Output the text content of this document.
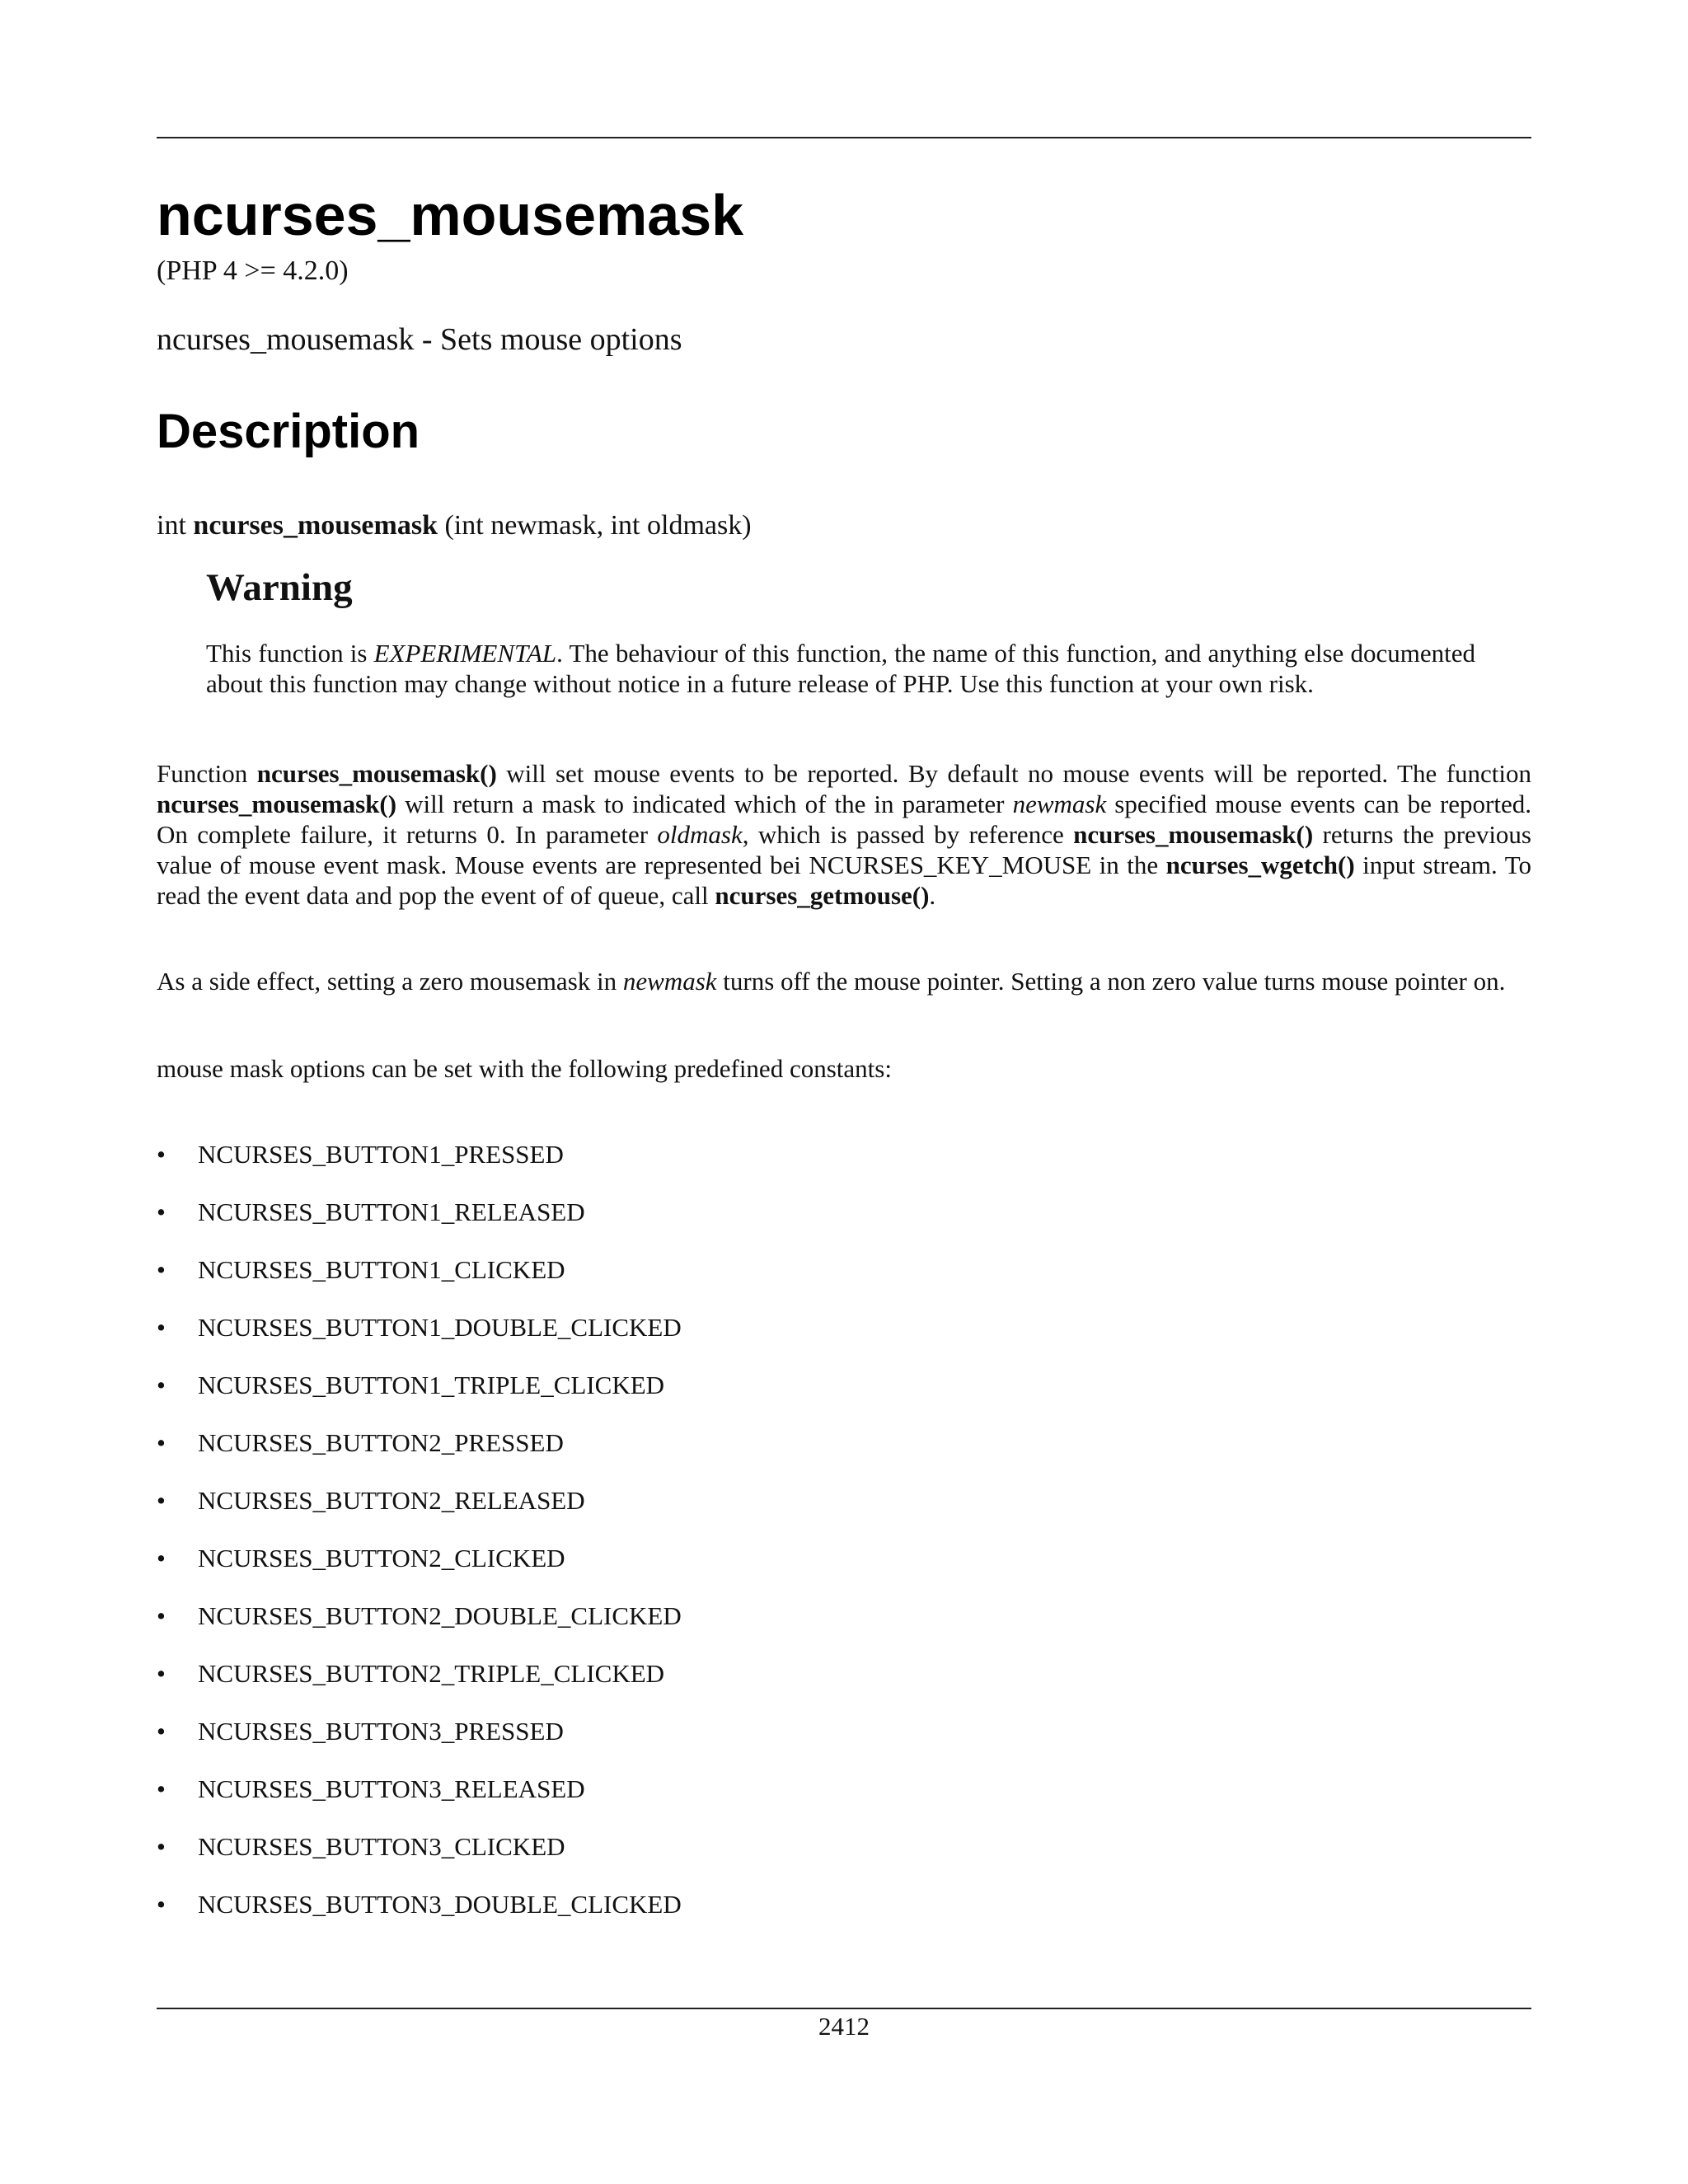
ncurses_mousemask
(PHP 4 >= 4.2.0)
ncurses_mousemask - Sets mouse options
Description
int ncurses_mousemask (int newmask, int oldmask)
Warning

This function is EXPERIMENTAL. The behaviour of this function, the name of this function, and anything else documented about this function may change without notice in a future release of PHP. Use this function at your own risk.

Function ncurses_mousemask() will set mouse events to be reported. By default no mouse events will be reported. The function ncurses_mousemask() will return a mask to indicated which of the in parameter newmask specified mouse events can be reported. On complete failure, it returns 0. In parameter oldmask, which is passed by reference ncurses_mousemask() returns the previous value of mouse event mask. Mouse events are represented bei NCURSES_KEY_MOUSE in the ncurses_wgetch() input stream. To read the event data and pop the event of of queue, call ncurses_getmouse().

As a side effect, setting a zero mousemask in newmask turns off the mouse pointer. Setting a non zero value turns mouse pointer on.

mouse mask options can be set with the following predefined constants:

• NCURSES_BUTTON1_PRESSED
• NCURSES_BUTTON1_RELEASED
• NCURSES_BUTTON1_CLICKED
• NCURSES_BUTTON1_DOUBLE_CLICKED
• NCURSES_BUTTON1_TRIPLE_CLICKED
• NCURSES_BUTTON2_PRESSED
• NCURSES_BUTTON2_RELEASED
• NCURSES_BUTTON2_CLICKED
• NCURSES_BUTTON2_DOUBLE_CLICKED
• NCURSES_BUTTON2_TRIPLE_CLICKED
• NCURSES_BUTTON3_PRESSED
• NCURSES_BUTTON3_RELEASED
• NCURSES_BUTTON3_CLICKED
• NCURSES_BUTTON3_DOUBLE_CLICKED
2412
